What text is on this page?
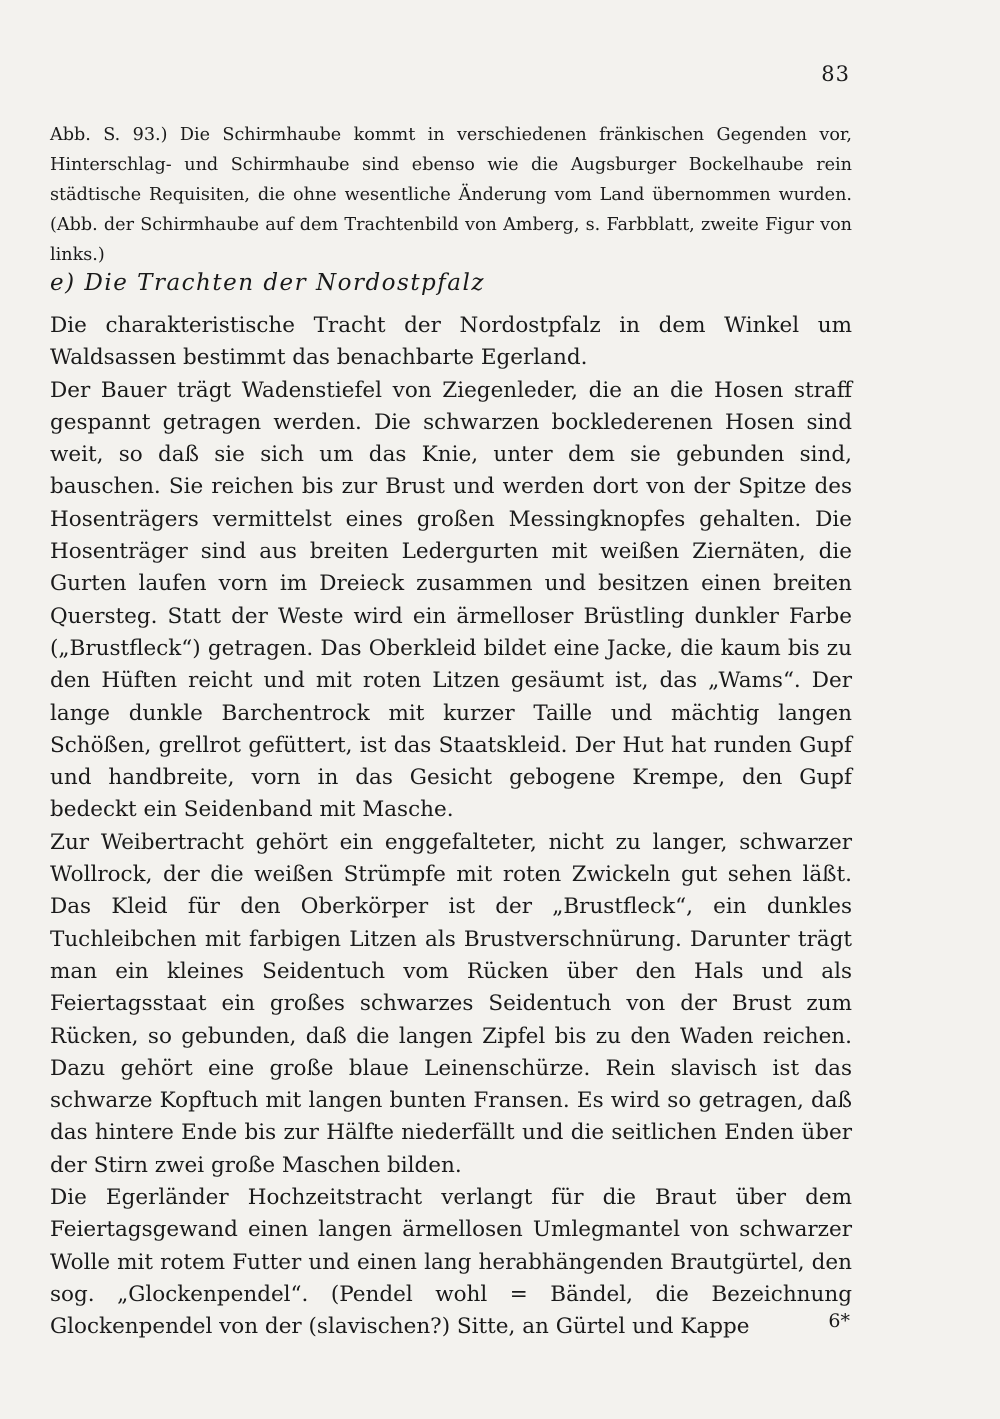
83

Abb. S. 93.) Die Schirmhaube kommt in verschiedenen fränkischen Gegenden vor, Hinterschlag- und Schirmhaube sind ebenso wie die Augsburger Bockelhaube rein städtische Requisiten, die ohne wesentliche Änderung vom Land übernommen wurden. (Abb. der Schirmhaube auf dem Trachtenbild von Amberg, s. Farbblatt, zweite Figur von links.)

e) Die Trachten der Nordostpfalz

Die charakteristische Tracht der Nordostpfalz in dem Winkel um Waldsassen bestimmt das benachbarte Egerland.

Der Bauer trägt Wadenstiefel von Ziegenleder, die an die Hosen straff gespannt getragen werden. Die schwarzen bocklederenen Hosen sind weit, so daß sie sich um das Knie, unter dem sie gebunden sind, bauschen. Sie reichen bis zur Brust und werden dort von der Spitze des Hosenträgers vermittelst eines großen Messingknopfes gehalten. Die Hosenträger sind aus breiten Ledergurten mit weißen Ziernäten, die Gurten laufen vorn im Dreieck zusammen und besitzen einen breiten Quersteg. Statt der Weste wird ein ärmelloser Brüstling dunkler Farbe („Brustfleck“) getragen. Das Oberkleid bildet eine Jacke, die kaum bis zu den Hüften reicht und mit roten Litzen gesäumt ist, das „Wams“. Der lange dunkle Barchentrock mit kurzer Taille und mächtig langen Schößen, grellrot gefüttert, ist das Staatskleid. Der Hut hat runden Gupf und handbreite, vorn in das Gesicht gebogene Krempe, den Gupf bedeckt ein Seidenband mit Masche.

Zur Weibertracht gehört ein enggefalteter, nicht zu langer, schwarzer Wollrock, der die weißen Strümpfe mit roten Zwickeln gut sehen läßt. Das Kleid für den Oberkörper ist der „Brustfleck“, ein dunkles Tuchleibchen mit farbigen Litzen als Brustverschnürung. Darunter trägt man ein kleines Seidentuch vom Rücken über den Hals und als Feiertagsstaat ein großes schwarzes Seidentuch von der Brust zum Rücken, so gebunden, daß die langen Zipfel bis zu den Waden reichen. Dazu gehört eine große blaue Leinenschürze. Rein slavisch ist das schwarze Kopftuch mit langen bunten Fransen. Es wird so getragen, daß das hintere Ende bis zur Hälfte niederfällt und die seitlichen Enden über der Stirn zwei große Maschen bilden.

Die Egerländer Hochzeitstracht verlangt für die Braut über dem Feiertagsgewand einen langen ärmellosen Umlegmantel von schwarzer Wolle mit rotem Futter und einen lang herabhängenden Brautgürtel, den sog. „Glockenpendel“. (Pendel wohl = Bändel, die Bezeichnung Glockenpendel von der (slavischen?) Sitte, an Gürtel und Kappe	6*
